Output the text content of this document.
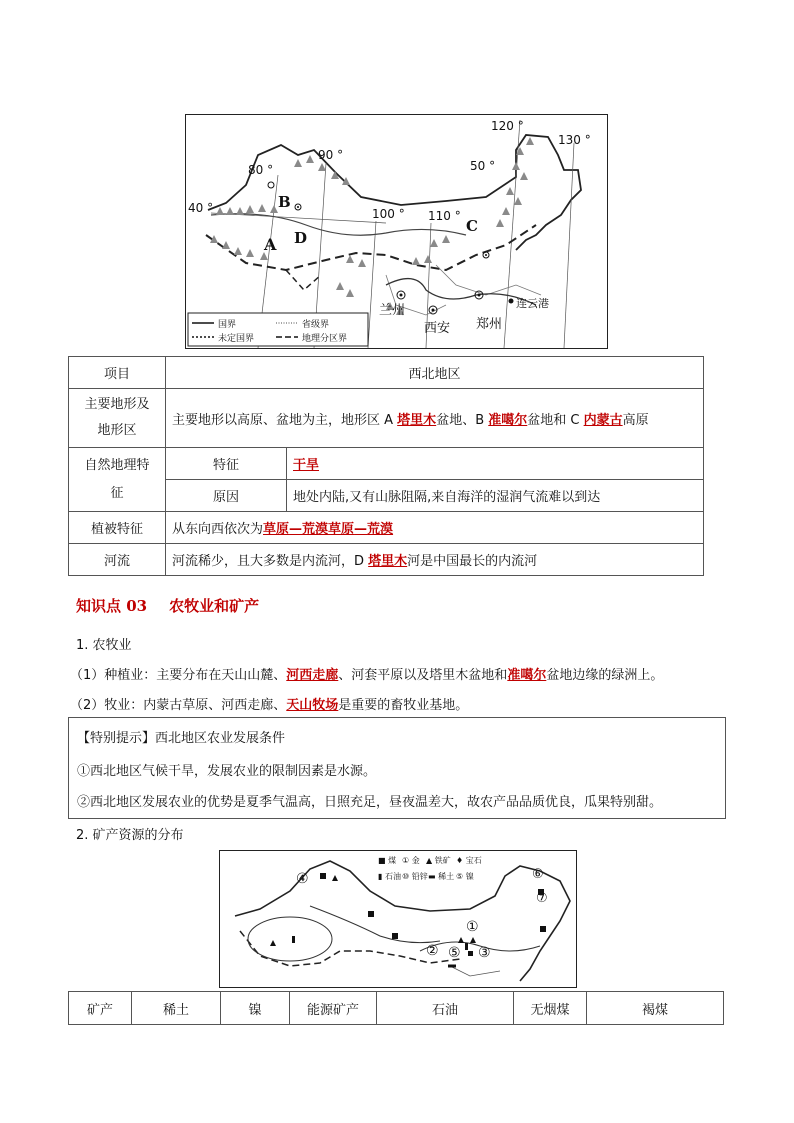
120 °
130 °
80 °
90 °
40 °	100 ° 110 °
50 °
A
B
C
D
兰州
西安 郑州
连云港
国界	省级界
未定国界	地理分区界
项目	西北地区	
主要地形及
地形区	主要地形以高原、盆地为主，地形区 A 塔里木盆地、B 准噶尔盆地和 C 内蒙古高原	
自然地理特
征	特征	干旱
	原因	地处内陆,又有山脉阻隔,来自海洋的湿润气流难以到达
植被特征	从东向西依次为草原—荒漠草原—荒漠	
河流	河流稀少，且大多数是内流河，D 塔里木河是中国最长的内流河	
知识点 03 农牧业和矿产
1. 农牧业
（1）种植业：主要分布在天山山麓、河西走廊、河套平原以及塔里木盆地和准噶尔盆地边缘的绿洲上。
（2）牧业：内蒙古草原、河西走廊、天山牧场是重要的畜牧业基地。
【特别提示】西北地区农业发展条件
①西北地区气候干旱，发展农业的限制因素是水源。
②西北地区发展农业的优势是夏季气温高，日照充足，昼夜温差大，故农产品品质优良，瓜果特别甜。
2. 矿产资源的分布
■ 煤 ① 金 ▲ 铁矿 ♦ 宝石
▮ 石油 ⑩ 铅锌 ▬ 稀土 ⑤ 镍
④	⑥
⑦
①
② ⑤ ③
矿产	稀土	镍	能源矿产	石油	无烟煤	褐煤
